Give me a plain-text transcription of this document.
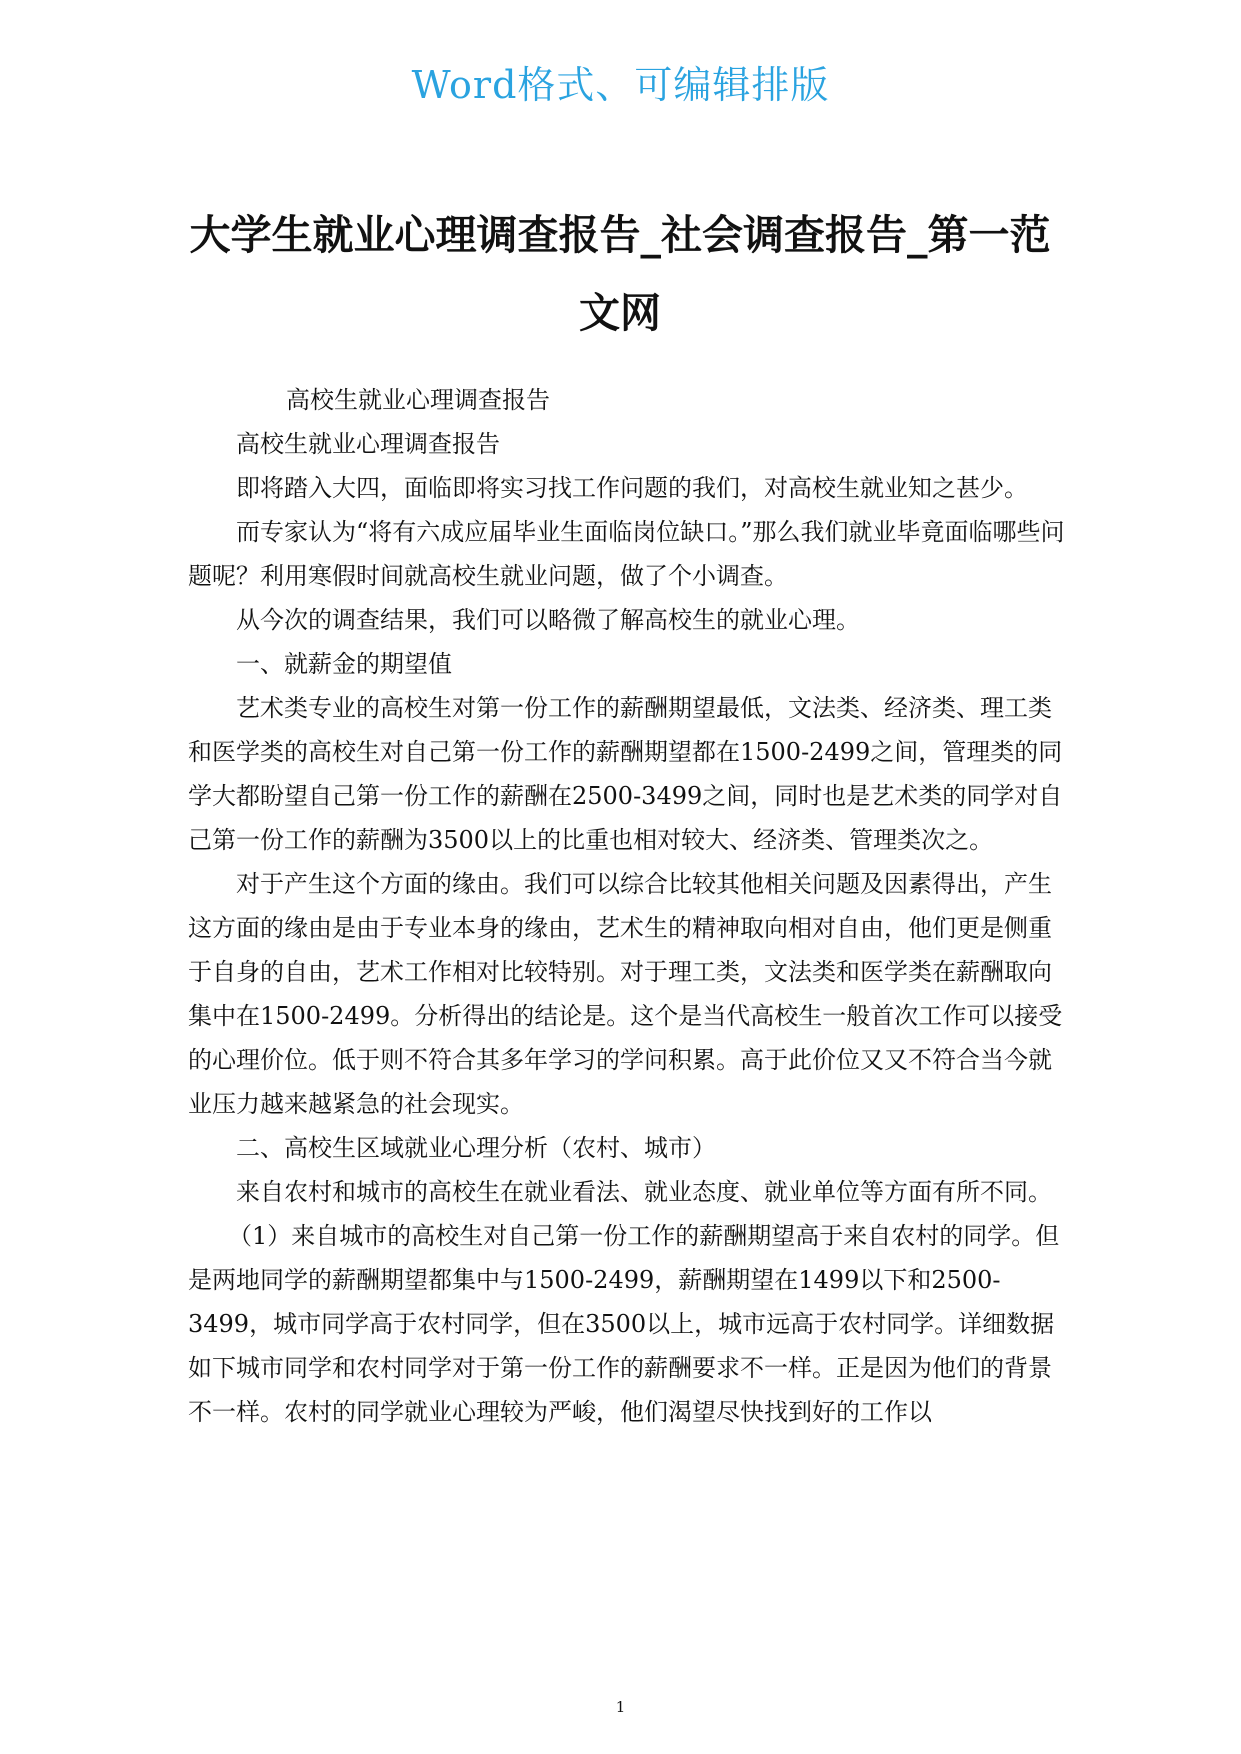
Word格式、可编辑排版
大学生就业心理调查报告_社会调查报告_第一范文网

高校生就业心理调查报告

高校生就业心理调查报告

即将踏入大四，面临即将实习找工作问题的我们，对高校生就业知之甚少。

而专家认为“将有六成应届毕业生面临岗位缺口。”那么我们就业毕竟面临哪些问题呢？利用寒假时间就高校生就业问题，做了个小调查。

从今次的调查结果，我们可以略微了解高校生的就业心理。

一、就薪金的期望值

艺术类专业的高校生对第一份工作的薪酬期望最低，文法类、经济类、理工类和医学类的高校生对自己第一份工作的薪酬期望都在1500-2499之间，管理类的同学大都盼望自己第一份工作的薪酬在2500-3499之间，同时也是艺术类的同学对自己第一份工作的薪酬为3500以上的比重也相对较大、经济类、管理类次之。

对于产生这个方面的缘由。我们可以综合比较其他相关问题及因素得出，产生这方面的缘由是由于专业本身的缘由，艺术生的精神取向相对自由，他们更是侧重于自身的自由，艺术工作相对比较特别。对于理工类，文法类和医学类在薪酬取向集中在1500-2499。分析得出的结论是。这个是当代高校生一般首次工作可以接受的心理价位。低于则不符合其多年学习的学问积累。高于此价位又又不符合当今就业压力越来越紧急的社会现实。

二、高校生区域就业心理分析（农村、城市）

来自农村和城市的高校生在就业看法、就业态度、就业单位等方面有所不同。

（1）来自城市的高校生对自己第一份工作的薪酬期望高于来自农村的同学。但是两地同学的薪酬期望都集中与1500-2499，薪酬期望在1499以下和2500-3499，城市同学高于农村同学，但在3500以上，城市远高于农村同学。详细数据如下城市同学和农村同学对于第一份工作的薪酬要求不一样。正是因为他们的背景不一样。农村的同学就业心理较为严峻，他们渴望尽快找到好的工作以

1
